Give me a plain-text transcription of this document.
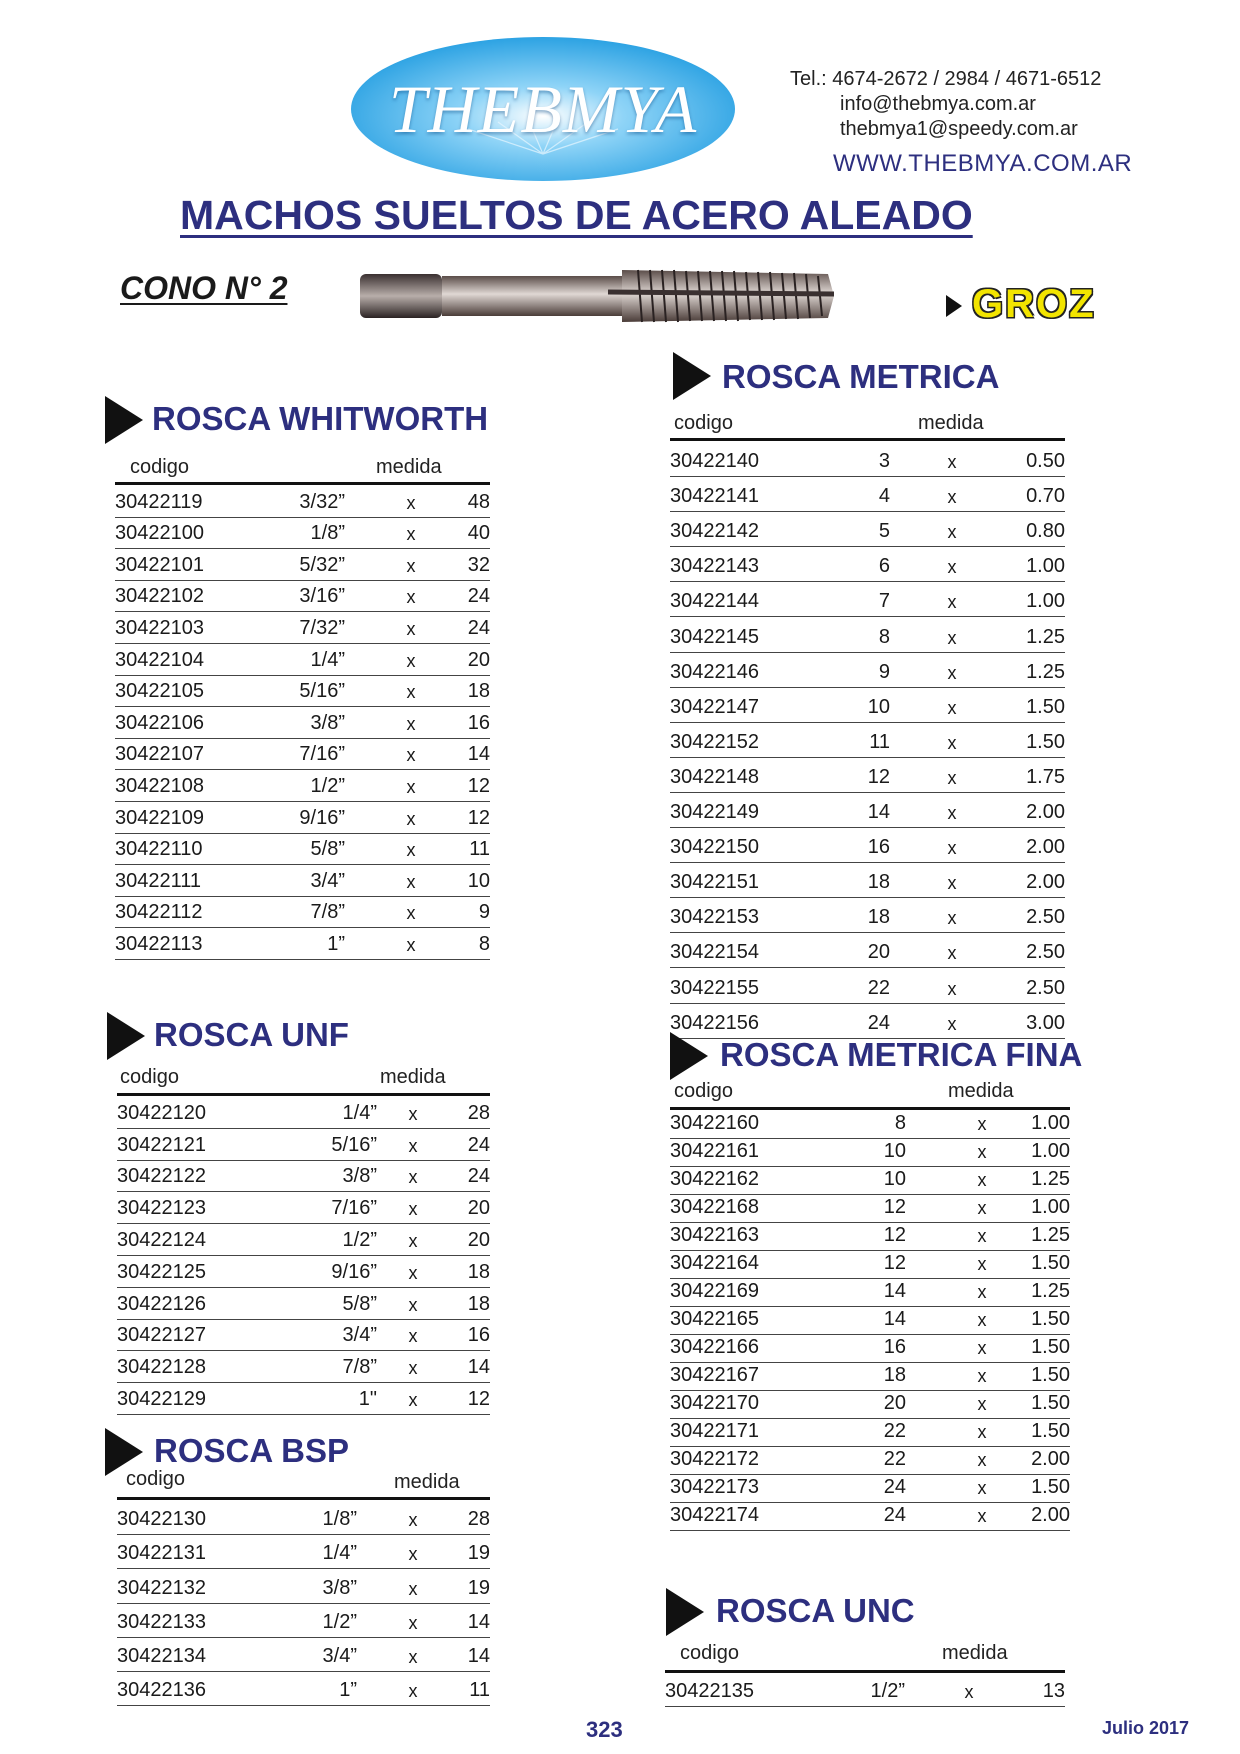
THEBMYA	Tel.: 4674-2672 / 2984 / 4671-6512
info@thebmya.com.ar
thebmya1@speedy.com.ar
WWW.THEBMYA.COM.AR
MACHOS SUELTOS DE ACERO ALEADO
CONO N° 2	GROZ
ROSCA WHITWORTH
codigo	medida
30422119	3/32”	x	48
30422100	1/8”	x	40
30422101	5/32”	x	32
30422102	3/16”	x	24
30422103	7/32”	x	24
30422104	1/4”	x	20
30422105	5/16”	x	18
30422106	3/8”	x	16
30422107	7/16”	x	14
30422108	1/2”	x	12
30422109	9/16”	x	12
30422110	5/8”	x	11
30422111	3/4”	x	10
30422112	7/8”	x	9
30422113	1”	x	8
ROSCA UNF
codigo	medida
30422120	1/4”	x	28
30422121	5/16”	x	24
30422122	3/8”	x	24
30422123	7/16”	x	20
30422124	1/2”	x	20
30422125	9/16”	x	18
30422126	5/8”	x	18
30422127	3/4”	x	16
30422128	7/8”	x	14
30422129	1"	x	12
ROSCA BSP
codigo	medida
30422130	1/8”	x	28
30422131	1/4”	x	19
30422132	3/8”	x	19
30422133	1/2”	x	14
30422134	3/4”	x	14
30422136	1”	x	11
ROSCA METRICA
codigo	medida
30422140	3	x	0.50
30422141	4	x	0.70
30422142	5	x	0.80
30422143	6	x	1.00
30422144	7	x	1.00
30422145	8	x	1.25
30422146	9	x	1.25
30422147	10	x	1.50
30422152	11	x	1.50
30422148	12	x	1.75
30422149	14	x	2.00
30422150	16	x	2.00
30422151	18	x	2.00
30422153	18	x	2.50
30422154	20	x	2.50
30422155	22	x	2.50
30422156	24	x	3.00
ROSCA METRICA FINA
codigo	medida
30422160	8	x 1.00
30422161	10	x 1.00
30422162	10	x 1.25
30422168	12	x 1.00
30422163	12	x 1.25
30422164	12	x 1.50
30422169	14	x 1.25
30422165	14	x 1.50
30422166	16	x 1.50
30422167	18	x 1.50
30422170	20	x 1.50
30422171	22	x 1.50
30422172	22	x 2.00
30422173	24	x 1.50
30422174	24	x 2.00
ROSCA UNC
codigo	medida
30422135	1/2”	x	13
323	Julio 2017
